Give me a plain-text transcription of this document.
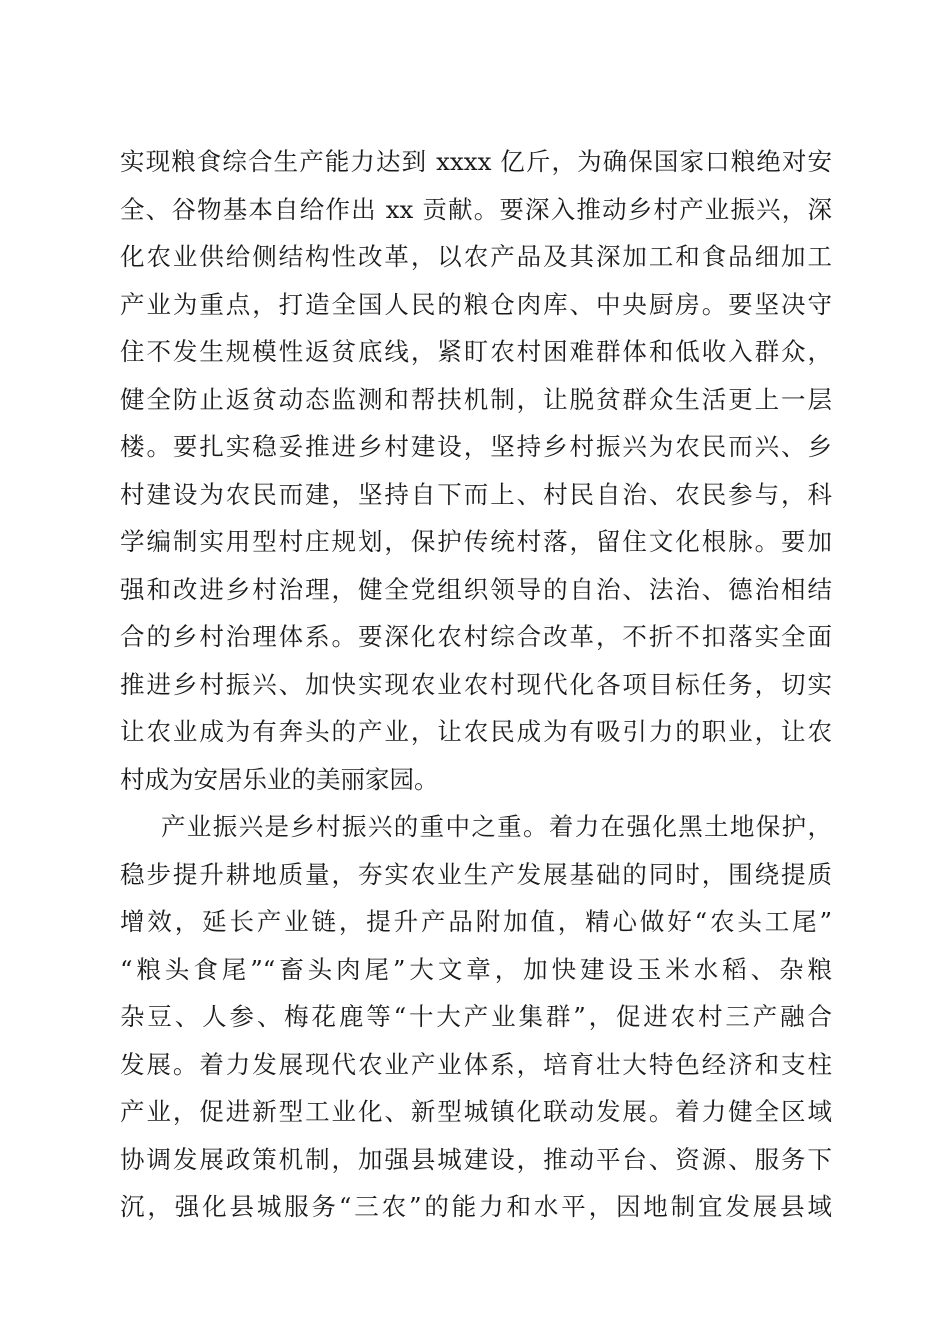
实现粮食综合生产能力达到 xxxx 亿斤，为确保国家口粮绝对安
全、谷物基本自给作出 xx 贡献。要深入推动乡村产业振兴，深
化农业供给侧结构性改革，以农产品及其深加工和食品细加工
产业为重点，打造全国人民的粮仓肉库、中央厨房。要坚决守
住不发生规模性返贫底线，紧盯农村困难群体和低收入群众，
健全防止返贫动态监测和帮扶机制，让脱贫群众生活更上一层
楼。要扎实稳妥推进乡村建设，坚持乡村振兴为农民而兴、乡
村建设为农民而建，坚持自下而上、村民自治、农民参与，科
学编制实用型村庄规划，保护传统村落，留住文化根脉。要加
强和改进乡村治理，健全党组织领导的自治、法治、德治相结
合的乡村治理体系。要深化农村综合改革，不折不扣落实全面
推进乡村振兴、加快实现农业农村现代化各项目标任务，切实
让农业成为有奔头的产业，让农民成为有吸引力的职业，让农
村成为安居乐业的美丽家园。
产业振兴是乡村振兴的重中之重。着力在强化黑土地保护，
稳步提升耕地质量，夯实农业生产发展基础的同时，围绕提质
增效，延长产业链，提升产品附加值，精心做好“农头工尾”
“粮头食尾”“畜头肉尾”大文章，加快建设玉米水稻、杂粮
杂豆、人参、梅花鹿等“十大产业集群”，促进农村三产融合
发展。着力发展现代农业产业体系，培育壮大特色经济和支柱
产业，促进新型工业化、新型城镇化联动发展。着力健全区域
协调发展政策机制，加强县城建设，推动平台、资源、服务下
沉，强化县城服务“三农”的能力和水平，因地制宜发展县域
